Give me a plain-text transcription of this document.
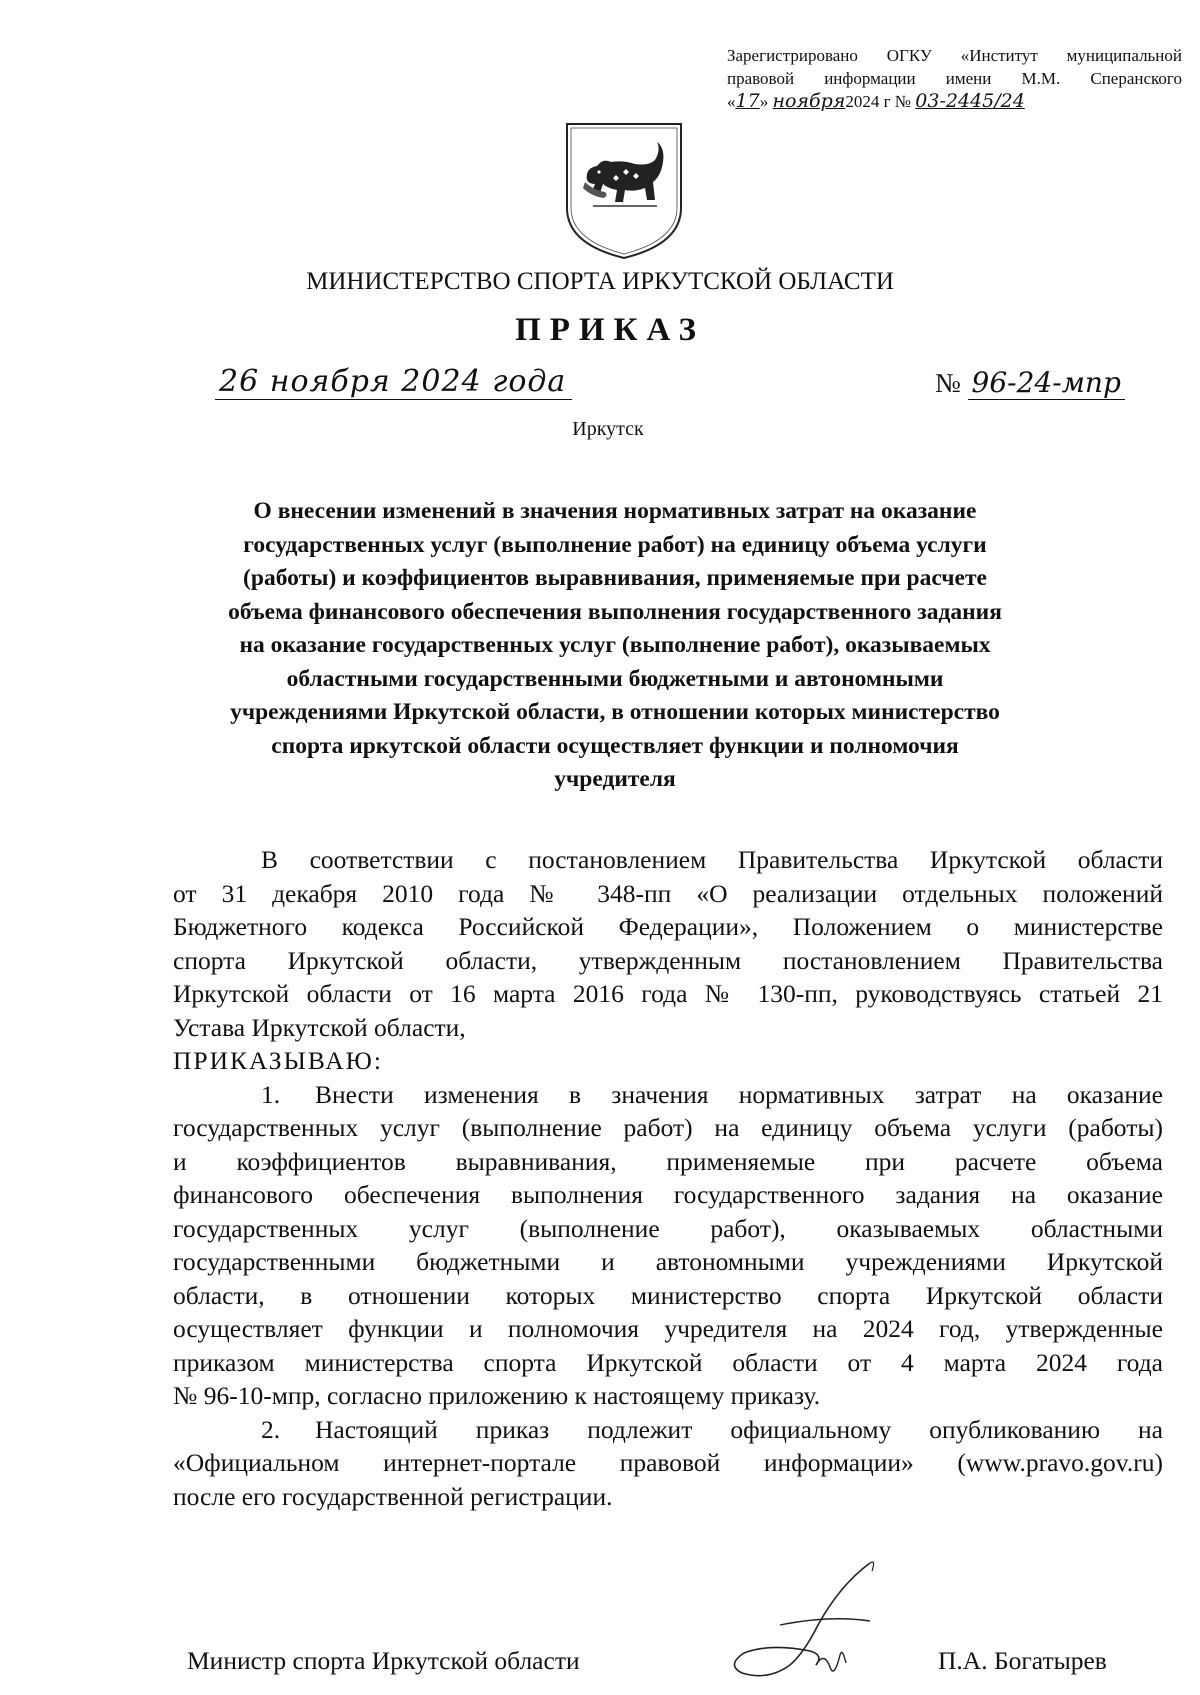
Зарегистрировано ОГКУ «Институт муниципальной
правовой информации имени М.М. Сперанского
«17» ноября2024 г № 03-2445/24
МИНИСТЕРСТВО СПОРТА ИРКУТСКОЙ ОБЛАСТИ
ПРИКАЗ
26 ноября 2024 года	№ 96-24-мпр
Иркутск
О внесении изменений в значения нормативных затрат на оказание
государственных услуг (выполнение работ) на единицу объема услуги
(работы) и коэффициентов выравнивания, применяемые при расчете
объема финансового обеспечения выполнения государственного задания
на оказание государственных услуг (выполнение работ), оказываемых
областными государственными бюджетными и автономными
учреждениями Иркутской области, в отношении которых министерство
спорта иркутской области осуществляет функции и полномочия
учредителя
В соответствии с постановлением Правительства Иркутской области
от 31 декабря 2010 года № 348-пп «О реализации отдельных положений
Бюджетного кодекса Российской Федерации», Положением о министерстве
спорта Иркутской области, утвержденным постановлением Правительства
Иркутской области от 16 марта 2016 года № 130-пп, руководствуясь статьей 21
Устава Иркутской области,
ПРИКАЗЫВАЮ:
1. Внести изменения в значения нормативных затрат на оказание
государственных услуг (выполнение работ) на единицу объема услуги (работы)
и коэффициентов выравнивания, применяемые при расчете объема
финансового обеспечения выполнения государственного задания на оказание
государственных услуг (выполнение работ), оказываемых областными
государственными бюджетными и автономными учреждениями Иркутской
области, в отношении которых министерство спорта Иркутской области
осуществляет функции и полномочия учредителя на 2024 год, утвержденные
приказом министерства спорта Иркутской области от 4 марта 2024 года
№ 96-10-мпр, согласно приложению к настоящему приказу.
2. Настоящий приказ подлежит официальному опубликованию на
«Официальном интернет-портале правовой информации» (www.pravo.gov.ru)
после его государственной регистрации.
Министр спорта Иркутской области	П.А. Богатырев
